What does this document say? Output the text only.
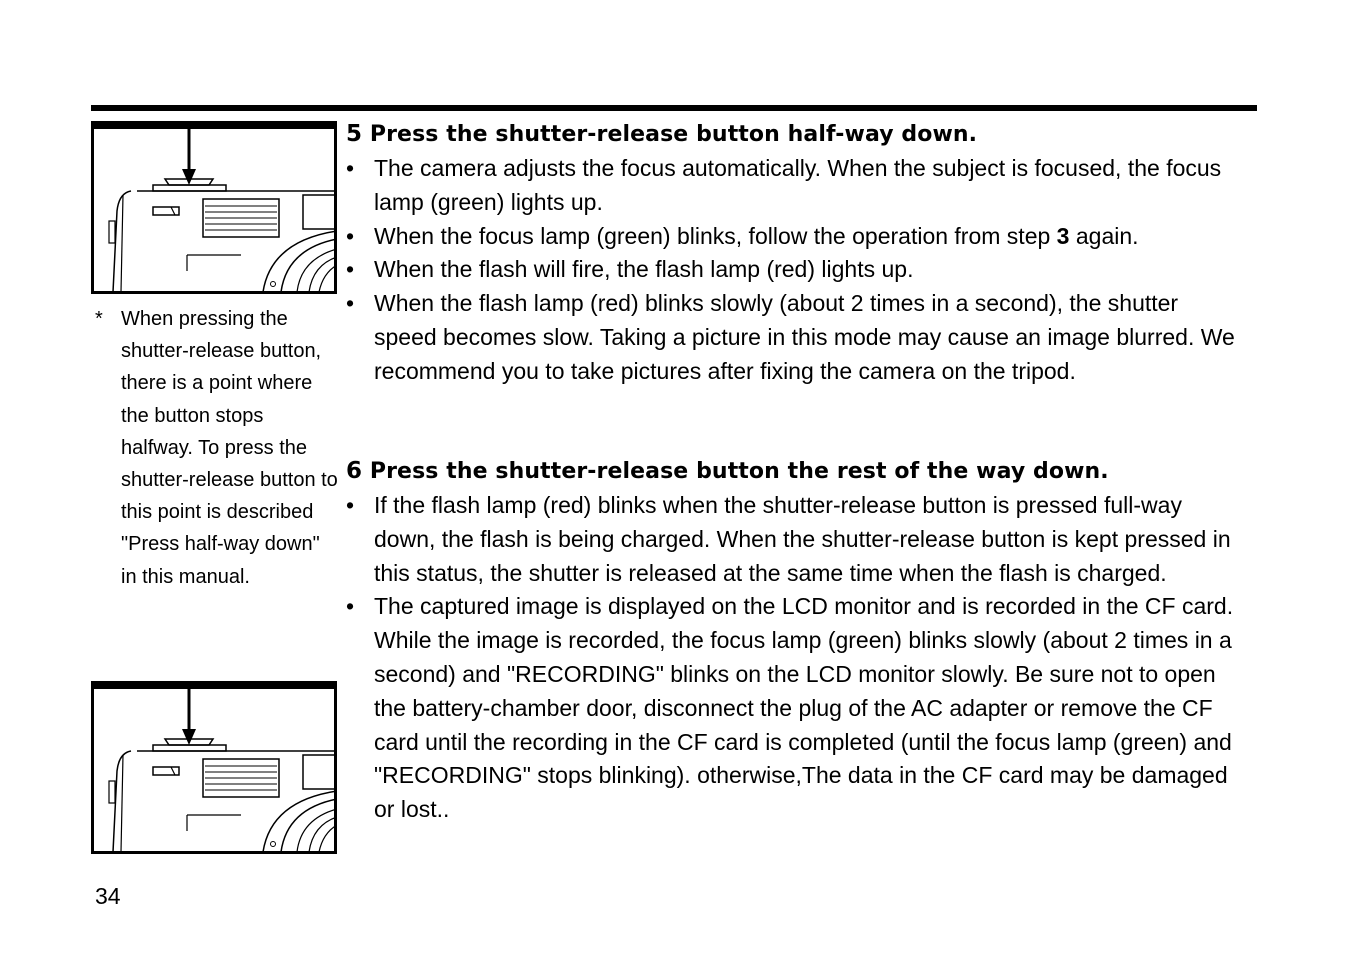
* When pressing the shutter-release button, there is a point where the button stops halfway. To press the shutter-release button to this point is described "Press half-way down" in this manual.
5 Press the shutter-release button half-way down.
• The camera adjusts the focus automatically. When the subject is focused, the focus lamp (green) lights up.
• When the focus lamp (green) blinks, follow the operation from step 3 again.
• When the flash will fire, the flash lamp (red) lights up.
• When the flash lamp (red) blinks slowly (about 2 times in a second), the shutter speed becomes slow. Taking a picture in this mode may cause an image blurred. We recommend you to take pictures after fixing the camera on the tripod.
6 Press the shutter-release button the rest of the way down.
• If the flash lamp (red) blinks when the shutter-release button is pressed full-way down, the flash is being charged. When the shutter-release button is kept pressed in this status, the shutter is released at the same time when the flash is charged.
• The captured image is displayed on the LCD monitor and is recorded in the CF card. While the image is recorded, the focus lamp (green) blinks slowly (about 2 times in a second) and "RECORDING" blinks on the LCD monitor slowly. Be sure not to open the battery-chamber door, disconnect the plug of the AC adapter or remove the CF card until the recording in the CF card is completed (until the focus lamp (green) and "RECORDING" stops blinking). otherwise,The data in the CF card may be damaged or lost..
34
